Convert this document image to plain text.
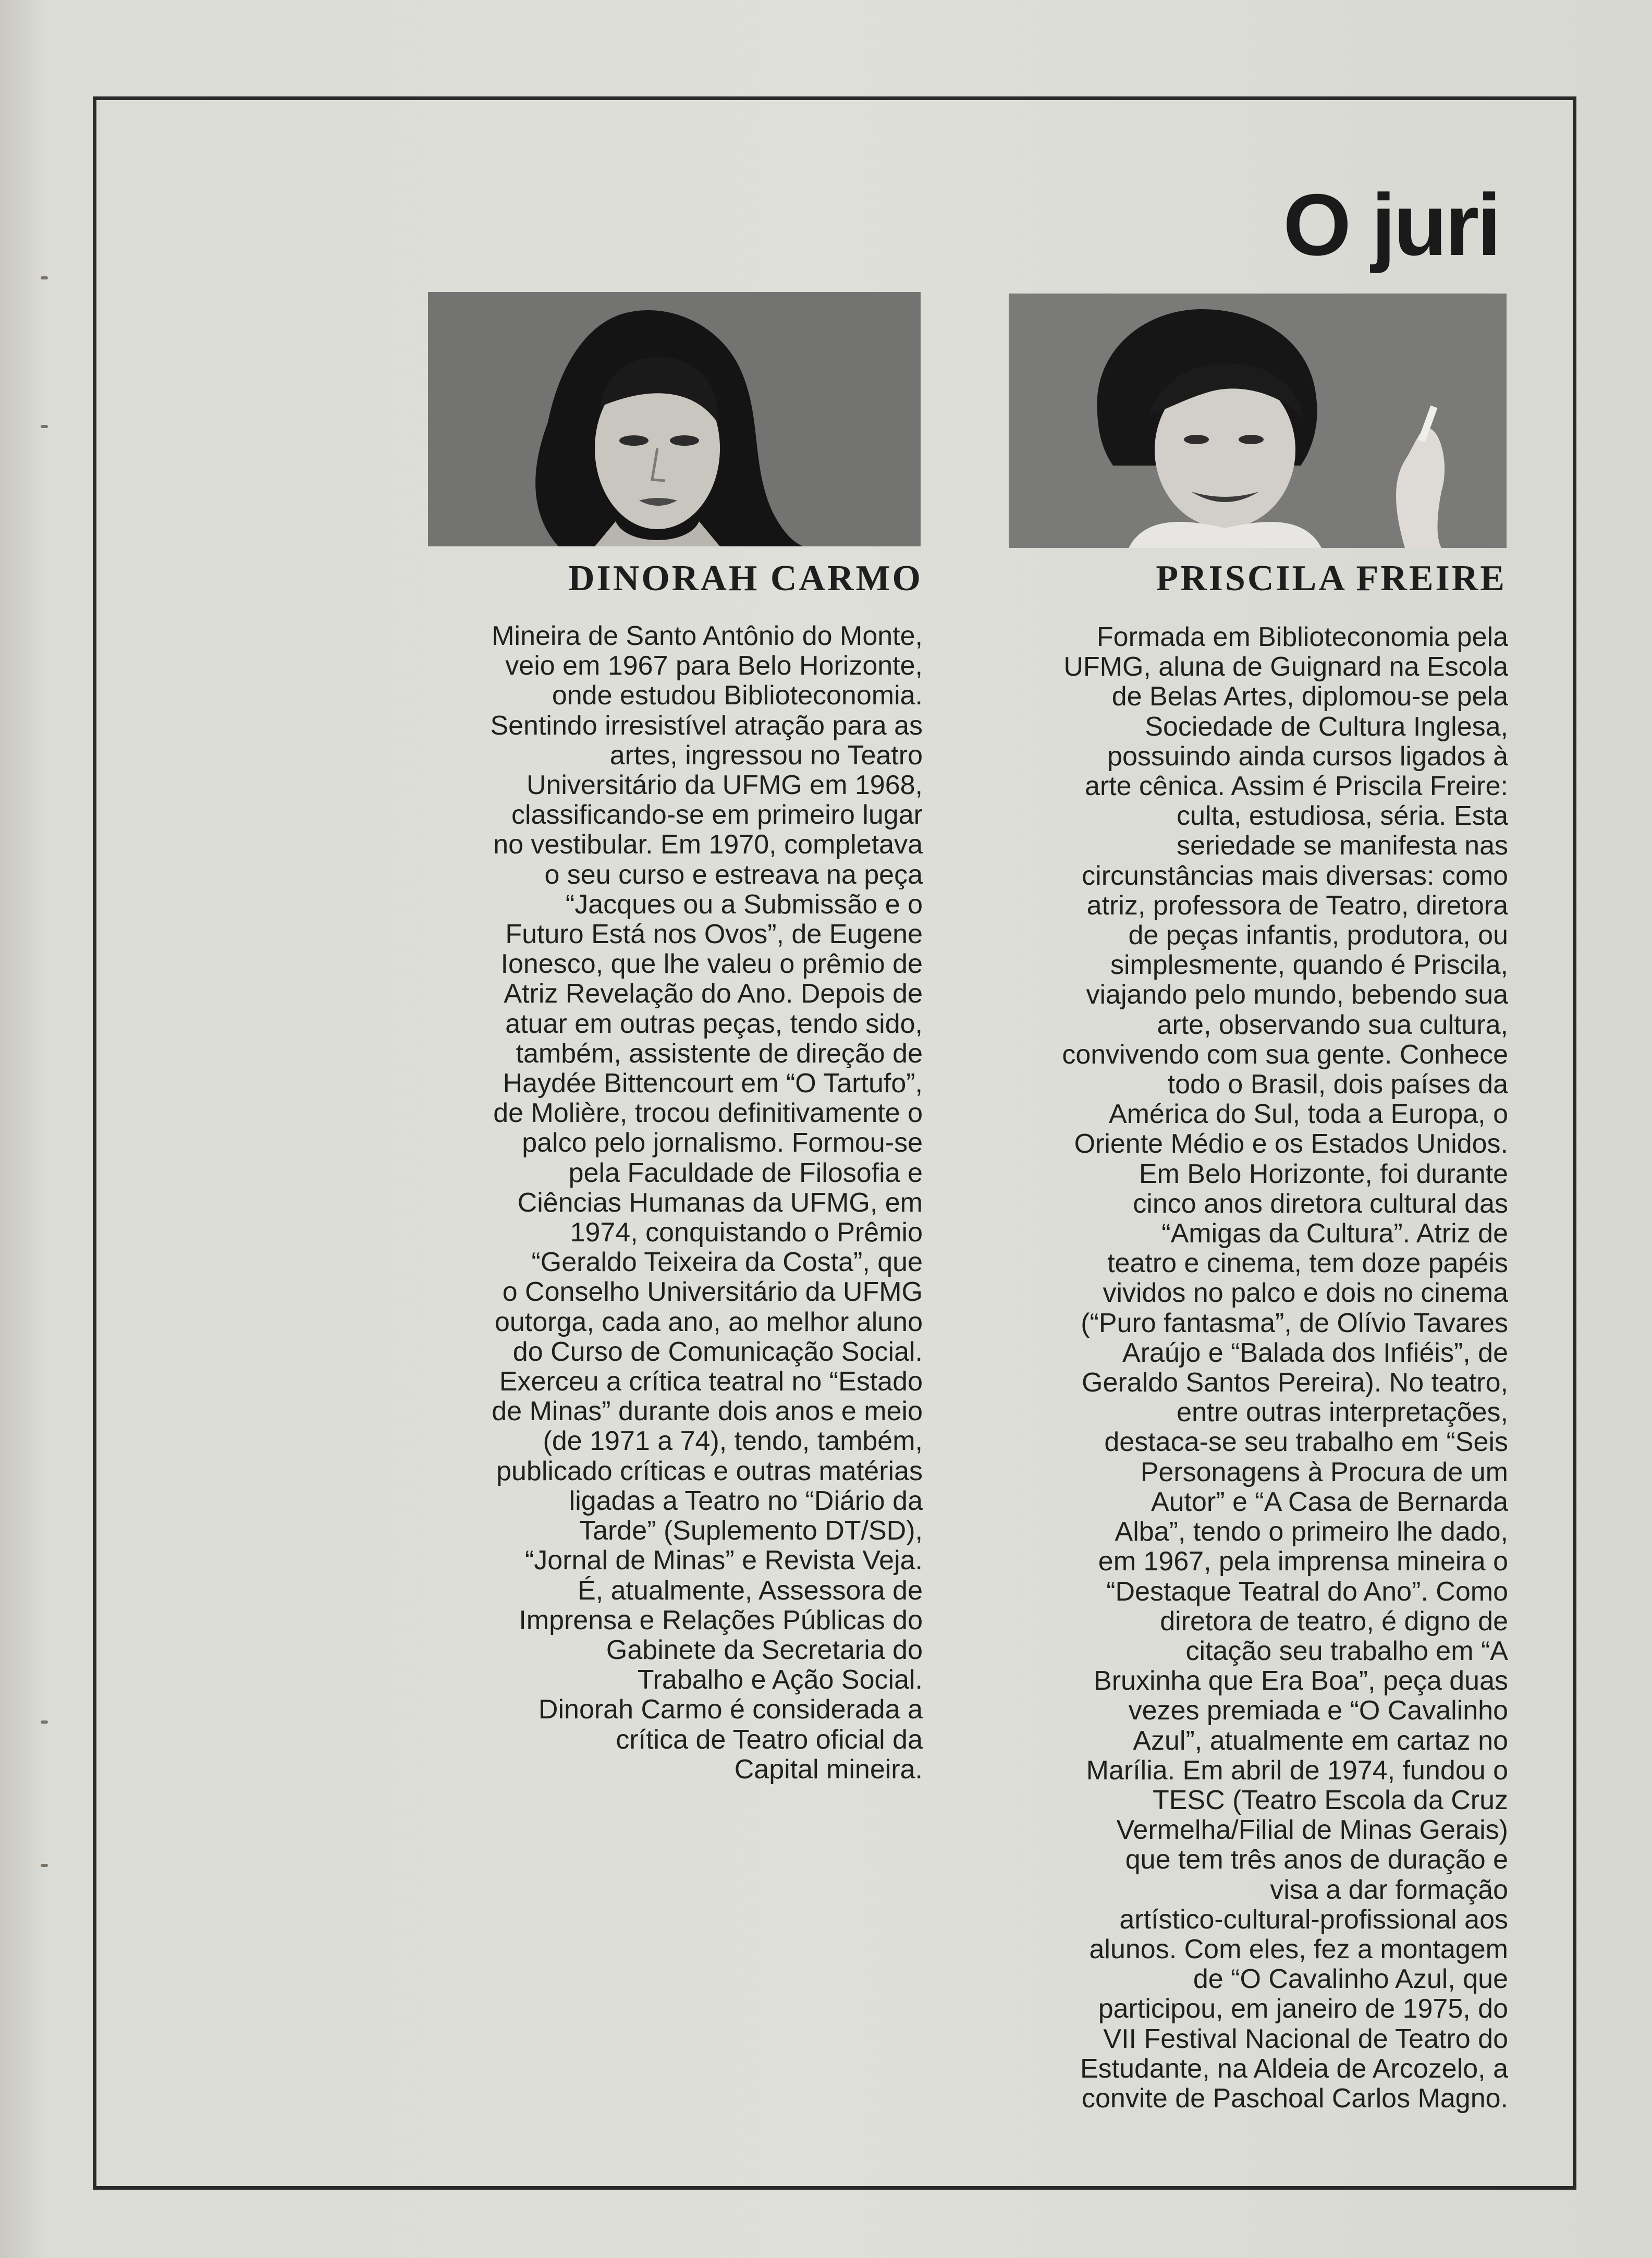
O juri
DINORAH CARMO	PRISCILA FREIRE
Mineira de Santo Antônio do Monte,
veio em 1967 para Belo Horizonte,
onde estudou Biblioteconomia.
Sentindo irresistível atração para as
artes, ingressou no Teatro
Universitário da UFMG em 1968,
classificando-se em primeiro lugar
no vestibular. Em 1970, completava
o seu curso e estreava na peça
“Jacques ou a Submissão e o
Futuro Está nos Ovos”, de Eugene
Ionesco, que lhe valeu o prêmio de
Atriz Revelação do Ano. Depois de
atuar em outras peças, tendo sido,
também, assistente de direção de
Haydée Bittencourt em “O Tartufo”,
de Molière, trocou definitivamente o
palco pelo jornalismo. Formou-se
pela Faculdade de Filosofia e
Ciências Humanas da UFMG, em
1974, conquistando o Prêmio
“Geraldo Teixeira da Costa”, que
o Conselho Universitário da UFMG
outorga, cada ano, ao melhor aluno
do Curso de Comunicação Social.
Exerceu a crítica teatral no “Estado
de Minas” durante dois anos e meio
(de 1971 a 74), tendo, também,
publicado críticas e outras matérias
ligadas a Teatro no “Diário da
Tarde” (Suplemento DT/SD),
“Jornal de Minas” e Revista Veja.
É, atualmente, Assessora de
Imprensa e Relações Públicas do
Gabinete da Secretaria do
Trabalho e Ação Social.
Dinorah Carmo é considerada a
crítica de Teatro oficial da
Capital mineira.
Formada em Biblioteconomia pela
UFMG, aluna de Guignard na Escola
de Belas Artes, diplomou-se pela
Sociedade de Cultura Inglesa,
possuindo ainda cursos ligados à
arte cênica. Assim é Priscila Freire:
culta, estudiosa, séria. Esta
seriedade se manifesta nas
circunstâncias mais diversas: como
atriz, professora de Teatro, diretora
de peças infantis, produtora, ou
simplesmente, quando é Priscila,
viajando pelo mundo, bebendo sua
arte, observando sua cultura,
convivendo com sua gente. Conhece
todo o Brasil, dois países da
América do Sul, toda a Europa, o
Oriente Médio e os Estados Unidos.
Em Belo Horizonte, foi durante
cinco anos diretora cultural das
“Amigas da Cultura”. Atriz de
teatro e cinema, tem doze papéis
vividos no palco e dois no cinema
(“Puro fantasma”, de Olívio Tavares
Araújo e “Balada dos Infiéis”, de
Geraldo Santos Pereira). No teatro,
entre outras interpretações,
destaca-se seu trabalho em “Seis
Personagens à Procura de um
Autor” e “A Casa de Bernarda
Alba”, tendo o primeiro lhe dado,
em 1967, pela imprensa mineira o
“Destaque Teatral do Ano”. Como
diretora de teatro, é digno de
citação seu trabalho em “A
Bruxinha que Era Boa”, peça duas
vezes premiada e “O Cavalinho
Azul”, atualmente em cartaz no
Marília. Em abril de 1974, fundou o
TESC (Teatro Escola da Cruz
Vermelha/Filial de Minas Gerais)
que tem três anos de duração e
visa a dar formação
artístico-cultural-profissional aos
alunos. Com eles, fez a montagem
de “O Cavalinho Azul, que
participou, em janeiro de 1975, do
VII Festival Nacional de Teatro do
Estudante, na Aldeia de Arcozelo, a
convite de Paschoal Carlos Magno.
